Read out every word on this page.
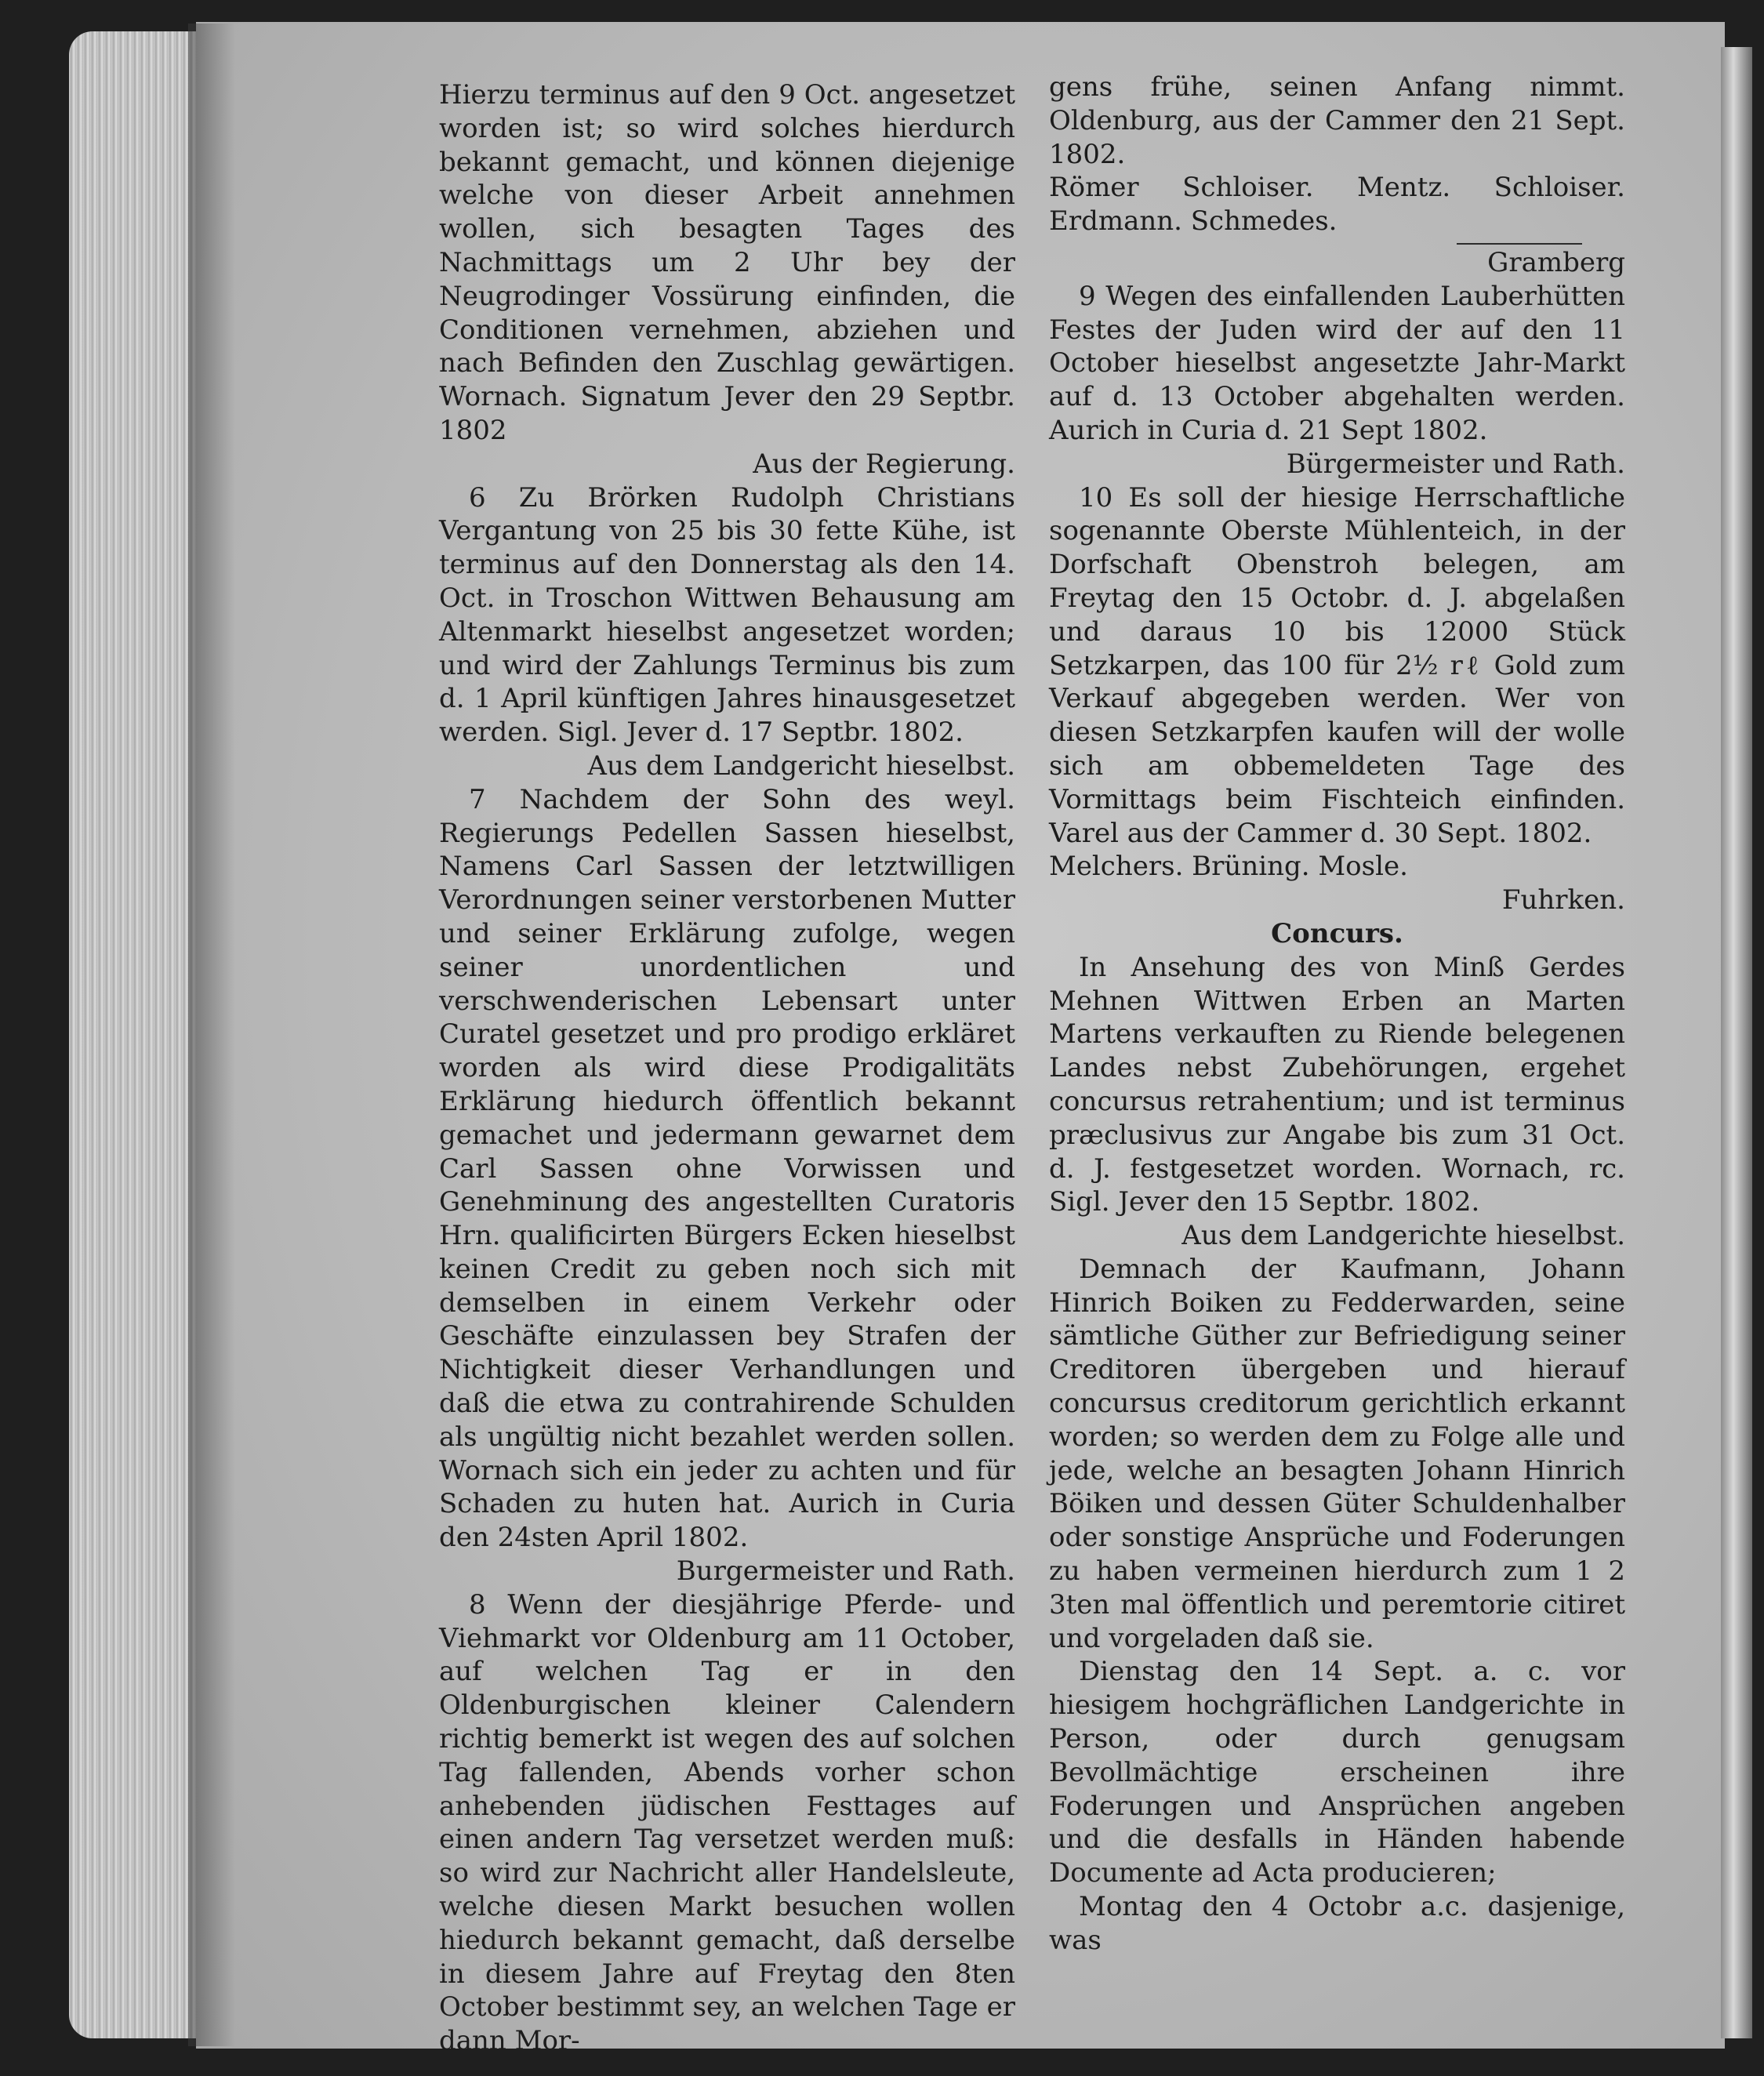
Hierzu terminus auf den 9 Oct. angesetzet worden ist; so wird solches hierdurch bekannt gemacht, und können diejenige welche von dieser Arbeit annehmen wollen, sich besagten Tages des Nachmittags um 2 Uhr bey der Neugrodinger Vossürung einfinden, die Conditionen vernehmen, abziehen und nach Befinden den Zuschlag gewärtigen. Wornach. Signatum Jever den 29 Septbr. 1802

Aus der Regierung.

6 Zu Brörken Rudolph Christians Vergantung von 25 bis 30 fette Kühe, ist terminus auf den Donnerstag als den 14. Oct. in Troschon Wittwen Behausung am Altenmarkt hieselbst angesetzet worden; und wird der Zahlungs Terminus bis zum d. 1 April künftigen Jahres hinausgesetzet werden. Sigl. Jever d. 17 Septbr. 1802.

Aus dem Landgericht hieselbst.

7 Nachdem der Sohn des weyl. Regierungs Pedellen Sassen hieselbst, Namens Carl Sassen der letztwilligen Verordnungen seiner verstorbenen Mutter und seiner Erklärung zufolge, wegen seiner unordentlichen und verschwenderischen Lebensart unter Curatel gesetzet und pro prodigo erkläret worden als wird diese Prodigalitäts Erklärung hiedurch öffentlich bekannt gemachet und jedermann gewarnet dem Carl Sassen ohne Vorwissen und Genehminung des angestellten Curatoris Hrn. qualificirten Bürgers Ecken hieselbst keinen Credit zu geben noch sich mit demselben in einem Verkehr oder Geschäfte einzulassen bey Strafen der Nichtigkeit dieser Verhandlungen und daß die etwa zu contrahirende Schulden als ungültig nicht bezahlet werden sollen. Wornach sich ein jeder zu achten und für Schaden zu huten hat. Aurich in Curia den 24sten April 1802.

Burgermeister und Rath.

8 Wenn der diesjährige Pferde- und Viehmarkt vor Oldenburg am 11 October, auf welchen Tag er in den Oldenburgischen kleiner Calendern richtig bemerkt ist wegen des auf solchen Tag fallenden, Abends vorher schon anhebenden jüdischen Festtages auf einen andern Tag versetzet werden muß: so wird zur Nachricht aller Handelsleute, welche diesen Markt besuchen wollen hiedurch bekannt gemacht, daß derselbe in diesem Jahre auf Freytag den 8ten October bestimmt sey, an welchen Tage er dann Mor-

gens frühe, seinen Anfang nimmt. Oldenburg, aus der Cammer den 21 Sept. 1802.

Römer Schloiser. Mentz. Schloiser. Erdmann. Schmedes.

Gramberg

9 Wegen des einfallenden Lauberhütten Festes der Juden wird der auf den 11 October hieselbst angesetzte Jahr-Markt auf d. 13 October abgehalten werden. Aurich in Curia d. 21 Sept 1802.

Bürgermeister und Rath.

10 Es soll der hiesige Herrschaftliche sogenannte Oberste Mühlenteich, in der Dorfschaft Obenstroh belegen, am Freytag den 15 Octobr. d. J. abgelaßen und daraus 10 bis 12000 Stück Setzkarpen, das 100 für 2½ rℓ Gold zum Verkauf abgegeben werden. Wer von diesen Setzkarpfen kaufen will der wolle sich am obbemeldeten Tage des Vormittags beim Fischteich einfinden. Varel aus der Cammer d. 30 Sept. 1802.

Melchers. Brüning. Mosle.

Fuhrken.

Concurs.

In Ansehung des von Minß Gerdes Mehnen Wittwen Erben an Marten Martens verkauften zu Riende belegenen Landes nebst Zubehörungen, ergehet concursus retrahentium; und ist terminus præclusivus zur Angabe bis zum 31 Oct. d. J. festgesetzet worden. Wornach, rc. Sigl. Jever den 15 Septbr. 1802.

Aus dem Landgerichte hieselbst.

Demnach der Kaufmann, Johann Hinrich Boiken zu Fedderwarden, seine sämtliche Güther zur Befriedigung seiner Creditoren übergeben und hierauf concursus creditorum gerichtlich erkannt worden; so werden dem zu Folge alle und jede, welche an besagten Johann Hinrich Böiken und dessen Güter Schuldenhalber oder sonstige Ansprüche und Foderungen zu haben vermeinen hierdurch zum 1 2 3ten mal öffentlich und peremtorie citiret und vorgeladen daß sie.

Dienstag den 14 Sept. a. c. vor hiesigem hochgräflichen Landgerichte in Person, oder durch genugsam Bevollmächtige erscheinen ihre Foderungen und Ansprüchen angeben und die desfalls in Händen habende Documente ad Acta producieren;

Montag den 4 Octobr a.c. dasjenige, was
